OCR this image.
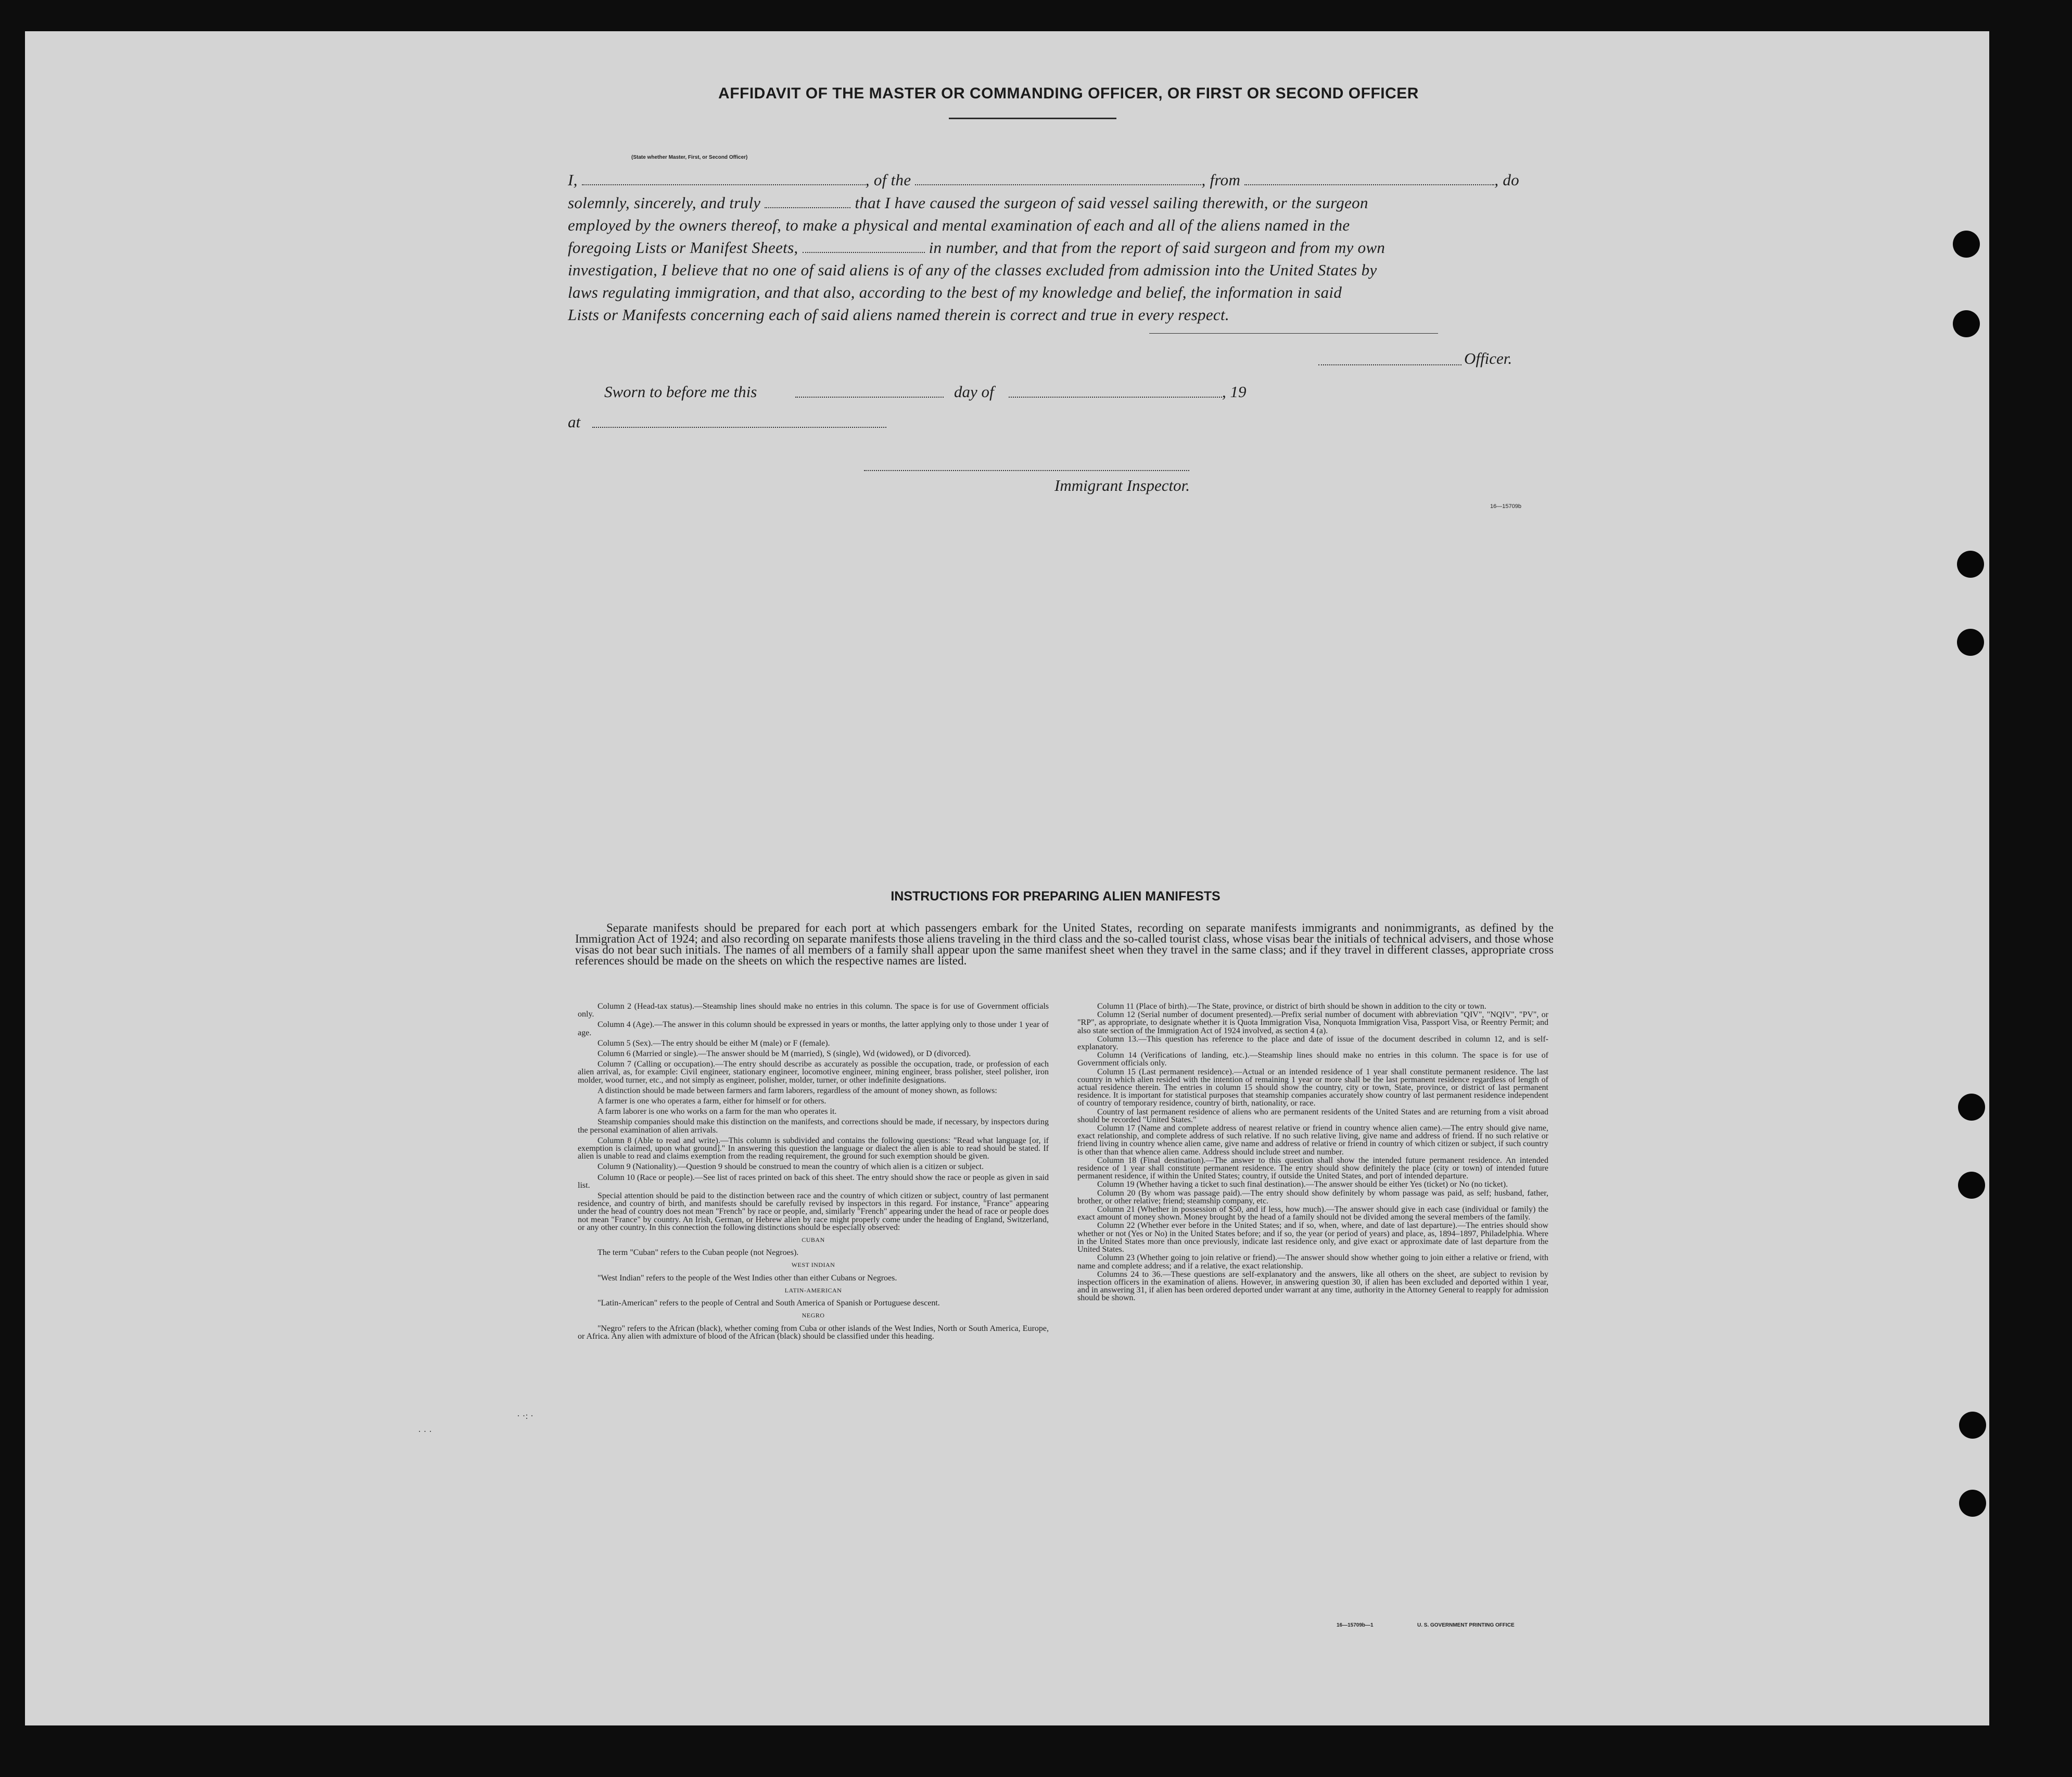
AFFIDAVIT OF THE MASTER OR COMMANDING OFFICER, OR FIRST OR SECOND OFFICER
I,	, of the	, from	, do
(State whether Master, First, or Second Officer)
solemnly, sincerely, and truly	that I have caused the surgeon of said vessel sailing therewith, or the surgeon
employed by the owners thereof, to make a physical and mental examination of each and all of the aliens named in the
foregoing Lists or Manifest Sheets,	in number, and that from the report of said surgeon and from my own
investigation, I believe that no one of said aliens is of any of the classes excluded from admission into the United States by
laws regulating immigration, and that also, according to the best of my knowledge and belief, the information in said
Lists or Manifests concerning each of said aliens named therein is correct and true in every respect.
Officer.
Sworn to before me this	day of	, 19
at
Immigrant Inspector.
16—15709b
· · ·
· ·: ·
INSTRUCTIONS FOR PREPARING ALIEN MANIFESTS
Separate manifests should be prepared for each port at which passengers embark for the United States, recording on separate manifests immigrants and nonimmigrants, as defined by the Immigration Act of 1924; and also recording on separate manifests those aliens traveling in the third class and the so-called tourist class, whose visas bear the initials of technical advisers, and those whose visas do not bear such initials. The names of all members of a family shall appear upon the same manifest sheet when they travel in the same class; and if they travel in different classes, appropriate cross references should be made on the sheets on which the respective names are listed.

Column 2 (Head-tax status).—Steamship lines should make no entries in this column. The space is for use of Government officials only.

Column 4 (Age).—The answer in this column should be expressed in years or months, the latter applying only to those under 1 year of age.

Column 5 (Sex).—The entry should be either M (male) or F (female).

Column 6 (Married or single).—The answer should be M (married), S (single), Wd (widowed), or D (divorced).

Column 7 (Calling or occupation).—The entry should describe as accurately as possible the occupation, trade, or profession of each alien arrival, as, for example: Civil engineer, stationary engineer, locomotive engineer, mining engineer, brass polisher, steel polisher, iron molder, wood turner, etc., and not simply as engineer, polisher, molder, turner, or other indefinite designations.

A distinction should be made between farmers and farm laborers, regardless of the amount of money shown, as follows:

A farmer is one who operates a farm, either for himself or for others.

A farm laborer is one who works on a farm for the man who operates it.

Steamship companies should make this distinction on the manifests, and corrections should be made, if necessary, by inspectors during the personal examination of alien arrivals.

Column 8 (Able to read and write).—This column is subdivided and contains the following questions: "Read what language [or, if exemption is claimed, upon what ground]." In answering this question the language or dialect the alien is able to read should be stated. If alien is unable to read and claims exemption from the reading requirement, the ground for such exemption should be given.

Column 9 (Nationality).—Question 9 should be construed to mean the country of which alien is a citizen or subject.

Column 10 (Race or people).—See list of races printed on back of this sheet. The entry should show the race or people as given in said list.

Special attention should be paid to the distinction between race and the country of which citizen or subject, country of last permanent residence, and country of birth, and manifests should be carefully revised by inspectors in this regard. For instance, "France" appearing under the head of country does not mean "French" by race or people, and, similarly "French" appearing under the head of race or people does not mean "France" by country. An Irish, German, or Hebrew alien by race might properly come under the heading of England, Switzerland, or any other country. In this connection the following distinctions should be especially observed:

CUBAN

The term "Cuban" refers to the Cuban people (not Negroes).

WEST INDIAN

"West Indian" refers to the people of the West Indies other than either Cubans or Negroes.

LATIN-AMERICAN

"Latin-American" refers to the people of Central and South America of Spanish or Portuguese descent.

NEGRO

"Negro" refers to the African (black), whether coming from Cuba or other islands of the West Indies, North or South America, Europe, or Africa. Any alien with admixture of blood of the African (black) should be classified under this heading.

Column 11 (Place of birth).—The State, province, or district of birth should be shown in addition to the city or town.

Column 12 (Serial number of document presented).—Prefix serial number of document with abbreviation "QIV", "NQIV", "PV", or "RP", as appropriate, to designate whether it is Quota Immigration Visa, Nonquota Immigration Visa, Passport Visa, or Reentry Permit; and also state section of the Immigration Act of 1924 involved, as section 4 (a).

Column 13.—This question has reference to the place and date of issue of the document described in column 12, and is self-explanatory.

Column 14 (Verifications of landing, etc.).—Steamship lines should make no entries in this column. The space is for use of Government officials only.

Column 15 (Last permanent residence).—Actual or an intended residence of 1 year shall constitute permanent residence. The last country in which alien resided with the intention of remaining 1 year or more shall be the last permanent residence regardless of length of actual residence therein. The entries in column 15 should show the country, city or town, State, province, or district of last permanent residence. It is important for statistical purposes that steamship companies accurately show country of last permanent residence independent of country of temporary residence, country of birth, nationality, or race.

Country of last permanent residence of aliens who are permanent residents of the United States and are returning from a visit abroad should be recorded "United States."

Column 17 (Name and complete address of nearest relative or friend in country whence alien came).—The entry should give name, exact relationship, and complete address of such relative. If no such relative living, give name and address of friend. If no such relative or friend living in country whence alien came, give name and address of relative or friend in country of which citizen or subject, if such country is other than that whence alien came. Address should include street and number.

Column 18 (Final destination).—The answer to this question shall show the intended future permanent residence. An intended residence of 1 year shall constitute permanent residence. The entry should show definitely the place (city or town) of intended future permanent residence, if within the United States; country, if outside the United States, and port of intended departure.

Column 19 (Whether having a ticket to such final destination).—The answer should be either Yes (ticket) or No (no ticket).

Column 20 (By whom was passage paid).—The entry should show definitely by whom passage was paid, as self; husband, father, brother, or other relative; friend; steamship company, etc.

Column 21 (Whether in possession of $50, and if less, how much).—The answer should give in each case (individual or family) the exact amount of money shown. Money brought by the head of a family should not be divided among the several members of the family.

Column 22 (Whether ever before in the United States; and if so, when, where, and date of last departure).—The entries should show whether or not (Yes or No) in the United States before; and if so, the year (or period of years) and place, as, 1894–1897, Philadelphia. Where in the United States more than once previously, indicate last residence only, and give exact or approximate date of last departure from the United States.

Column 23 (Whether going to join relative or friend).—The answer should show whether going to join either a relative or friend, with name and complete address; and if a relative, the exact relationship.

Columns 24 to 36.—These questions are self-explanatory and the answers, like all others on the sheet, are subject to revision by inspection officers in the examination of aliens. However, in answering question 30, if alien has been excluded and deported within 1 year, and in answering 31, if alien has been ordered deported under warrant at any time, authority in the Attorney General to reapply for admission should be shown.

16—15709b—1	U. S. GOVERNMENT PRINTING OFFICE
